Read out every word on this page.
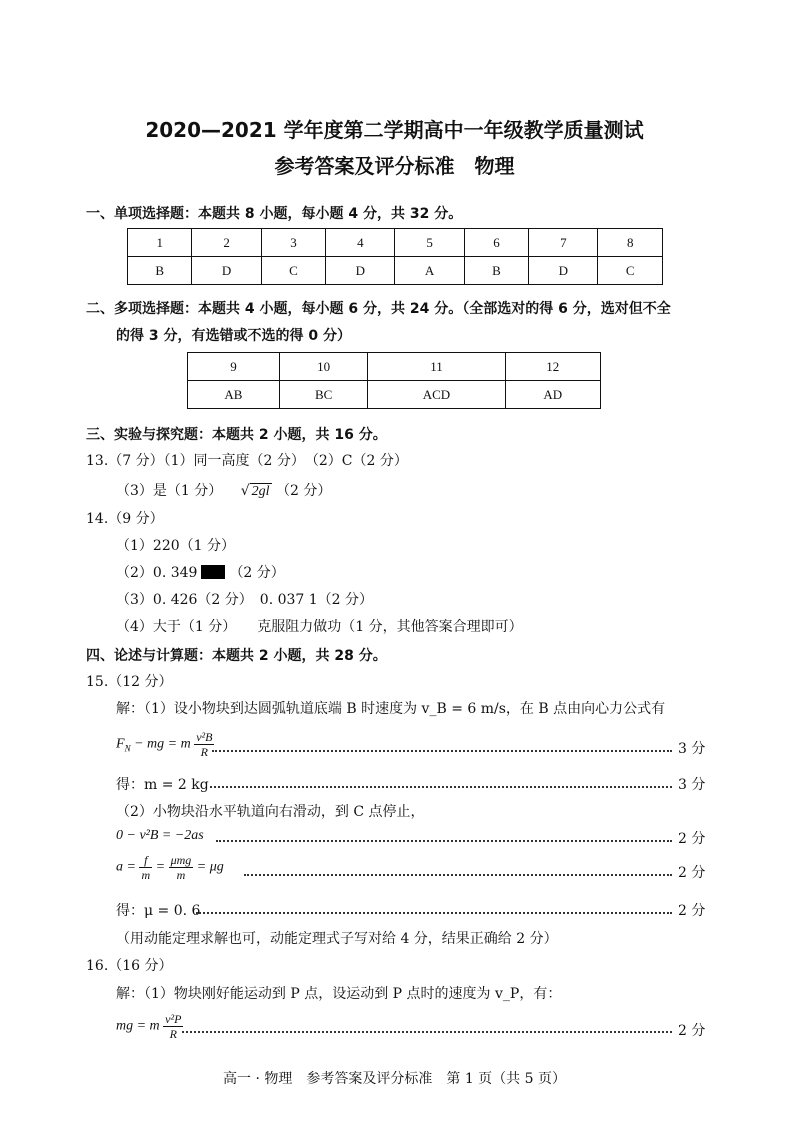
2020—2021 学年度第二学期高中一年级教学质量测试
参考答案及评分标准　物理
一、单项选择题：本题共 8 小题，每小题 4 分，共 32 分。
1	2	3	4	5	6	7	8
B	D	C	D	A	B	D	C
二、多项选择题：本题共 4 小题，每小题 6 分，共 24 分。（全部选对的得 6 分，选对但不全
的得 3 分，有选错或不选的得 0 分）
9	10	11	12
AB	BC	ACD	AD
三、实验与探究题：本题共 2 小题，共 16 分。
13.（7 分）（1）同一高度（2 分）　（2）C（2 分）
（3）是（1 分） √ 2gl （2 分）
14.（9 分）
（1）220（1 分）
（2）0. 349 （2 分）
（3）0. 426（2 分）　0. 037 1（2 分）
（4）大于（1 分）　　克服阻力做功（1 分，其他答案合理即可）
四、论述与计算题：本题共 2 小题，共 28 分。
15.（12 分）
解：（1）设小物块到达圆弧轨道底端 B 时速度为 v_B = 6 m/s，在 B 点由向心力公式有
$F_N$ − mg = m $\frac{\text{v²B}}{R}$	3 分
得：m = 2 kg	3 分
（2）小物块沿水平轨道向右滑动，到 C 点停止，
0 − v²B = −2as	2 分
$a = \frac{f}{m} = \frac{\text{μmg}}{m} = \mu g$	2 分
得：μ = 0. 6	2 分
（用动能定理求解也可，动能定理式子写对给 4 分，结果正确给 2 分）
16.（16 分）
解：（1）物块刚好能运动到 P 点，设运动到 P 点时的速度为 v_P，有：
mg = m $\frac{\text{v²P}}{R}$	2 分
高一 · 物理　参考答案及评分标准　第 1 页（共 5 页）
